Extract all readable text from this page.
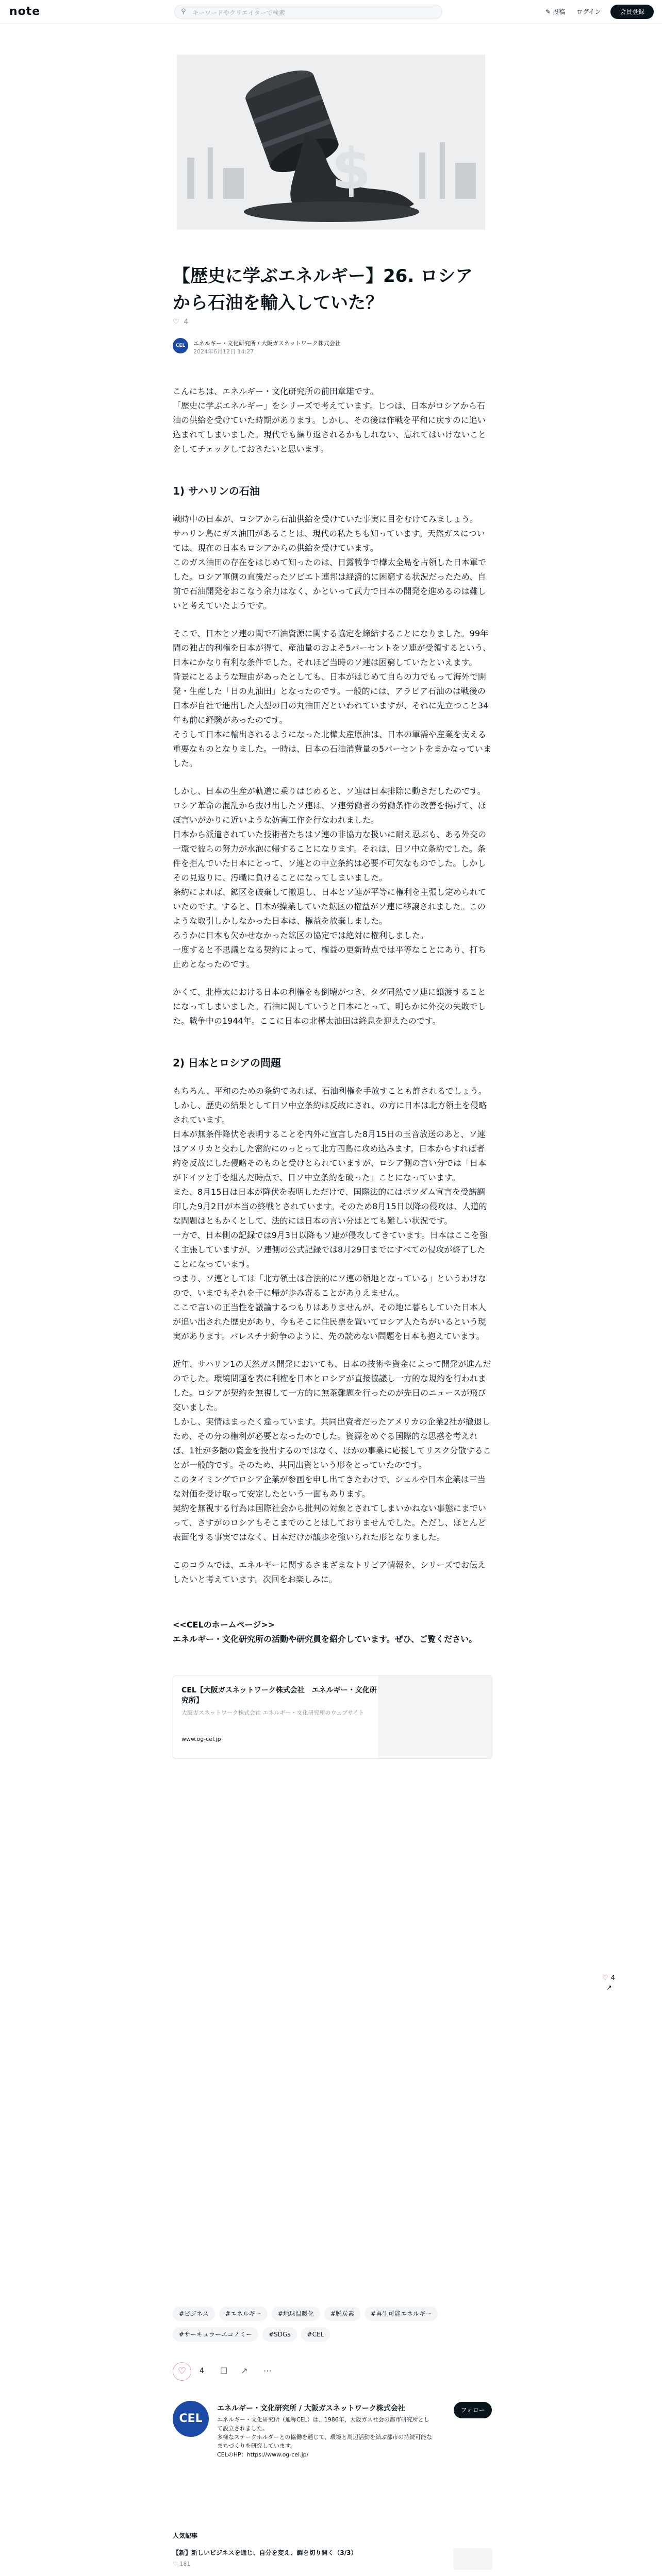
note	⚲ キーワードやクリエイターで検索	✎ 投稿 ログイン	会員登録
$
【歴史に学ぶエネルギー】26. ロシアから石油を輸入していた？
♡ 4
CEL	エネルギー・文化研究所 / 大阪ガスネットワーク株式会社
2024年6月12日 14:27

こんにちは、エネルギー・文化研究所の前田章雄です。
「歴史に学ぶエネルギー」をシリーズで考えています。じつは、日本がロシアから石油の供給を受けていた時期があります。しかし、その後は作戦を平和に戻すのに追い込まれてしまいました。現代でも繰り返されるかもしれない、忘れてはいけないことをしてチェックしておきたいと思います。

1) サハリンの石油

戦時中の日本が、ロシアから石油供給を受けていた事実に目をむけてみましょう。
サハリン島にガス油田があることは、現代の私たちも知っています。天然ガスについては、現在の日本もロシアからの供給を受けています。
このガス油田の存在をはじめて知ったのは、日露戦争で樺太全島を占領した日本軍でした。ロシア軍側の直後だったソビエト連邦は経済的に困窮する状況だったため、自前で石油開発をおこなう余力はなく、かといって武力で日本の開発を進めるのは難しいと考えていたようです。

そこで、日本とソ連の間で石油資源に関する協定を締結することになりました。99年間の独占的利権を日本が得て、産油量のおよそ5パーセントをソ連が受領するという、日本にかなり有利な条件でした。それほど当時のソ連は困窮していたといえます。
背景にとるような理由があったとしても、日本がはじめて自らの力でもって海外で開発・生産した「日の丸油田」となったのです。一般的には、アラビア石油のは戦後の日本が自社で進出した大型の日の丸油田だといわれていますが、それに先立つこと34年も前に経験があったのです。
そうして日本に輸出されるようになった北樺太産原油は、日本の軍需や産業を支える重要なものとなりました。一時は、日本の石油消費量の5パーセントをまかなっていました。

しかし、日本の生産が軌道に乗りはじめると、ソ連は日本排除に動きだしたのです。ロシア革命の混乱から抜け出したソ連は、ソ連労働者の労働条件の改善を掲げて、ほぼ言いがかりに近いような妨害工作を行なわれました。
日本から派遣されていた技術者たちはソ連の非協力な扱いに耐え忍ぶも、ある外交の一環で彼らの努力が水泡に帰することになります。それは、日ソ中立条約でした。条件を拒んでいた日本にとって、ソ連との中立条約は必要不可欠なものでした。しかしその見返りに、汚職に負けることになってしまいました。
条約によれば、鉱区を破棄して撤退し、日本とソ連が平等に権利を主張し定められていたのです。すると、日本が操業していた鉱区の権益がソ連に移譲されました。このような取引しかしなかった日本は、権益を放棄しました。
ろうかに日本も欠かせなかった鉱区の協定では絶対に権利しました。
一度すると不思議となる契約によって、権益の更新時点では平等なことにあり、打ち止めとなったのです。

かくて、北樺太における日本の利権をも倒壊がつき、タダ同然でソ連に譲渡することになってしまいました。石油に関していうと日本にとって、明らかに外交の失敗でした。戦争中の1944年。ここに日本の北樺太油田は終息を迎えたのです。

2) 日本とロシアの問題

もちろん、平和のための条約であれば、石油利権を手放すことも許されるでしょう。しかし、歴史の結果として日ソ中立条約は反故にされ、の方に日本は北方領土を侵略されています。
日本が無条件降伏を表明することを内外に宣言した8月15日の玉音放送のあと、ソ連はアメリカと交わした密約にのっとって北方四島に攻め込みます。日本からすれば者約を反故にした侵略そのものと受けとられていますが、ロシア側の言い分では「日本がドイツと手を組んだ時点で、日ソ中立条約を破った」ことになっています。
また、8月15日は日本が降伏を表明しただけで、国際法的にはポツダム宣言を受諾調印した9月2日が本当の終戦とされています。そのため8月15日以降の侵攻は、人道的な問題はともかくとして、法的には日本の言い分はとても難しい状況です。
一方で、日本側の記録では9月3日以降もソ連が侵攻してきています。日本はここを強く主張していますが、ソ連側の公式記録では8月29日までにすべての侵攻が終了したことになっています。
つまり、ソ連としては「北方領土は合法的にソ連の領地となっている」というわけなので、いまでもそれを千に帰が歩み寄ることがありえません。
ここで言いの正当性を議論するつもりはありませんが、その地に暮らしていた日本人が追い出された歴史があり、今もそこに住民票を置いてロシア人たちがいるという現実があります。パレスチナ紛争のように、先の読めない問題を日本も抱えています。

近年、サハリン1の天然ガス開発においても、日本の技術や資金によって開発が進んだのでした。環境問題を表に利権を日本とロシアが直接協議し一方的な規約を行われました。ロシアが契約を無視して一方的に無茶難題を行ったのが先日のニュースが飛び交いました。
しかし、実情はまったく違っています。共同出資者だったアメリカの企業2社が撤退しため、その分の権利が必要となったのでした。資源をめぐる国際的な思惑を考えれば、1社が多額の資金を投出するのではなく、ほかの事業に応援してリスク分散することが一般的です。そのため、共同出資という形をとっていたのです。
このタイミングでロシア企業が参画を申し出てきたわけで、シェルや日本企業は三当な対価を受け取って安定したという一面もあります。
契約を無視する行為は国際社会から批判の対象とされてしまいかねない事態にまでいって、さすがのロシアもそこまでのことはしておりませんでした。ただし、ほとんど表面化する事実ではなく、日本だけが譲歩を強いられた形となりました。

このコラムでは、エネルギーに関するさまざまなトリビア情報を、シリーズでお伝えしたいと考えています。次回をお楽しみに。

<<CELのホームページ>>
エネルギー・文化研究所の活動や研究員を紹介しています。ぜひ、ご覧ください。

CEL【大阪ガスネットワーク株式会社　エネルギー・文化研究所】
大阪ガスネットワーク株式会社 エネルギー・文化研究所のウェブサイト
www.og-cel.jp
#ビジネス	#エネルギー	#地球温暖化	#脱炭素	#再生可能エネルギー#サーキュラーエコノミー	#SDGs	#CEL
♡	4 ☐ ↗ ⋯
CEL
エネルギー・文化研究所 / 大阪ガスネットワーク株式会社
エネルギー・文化研究所（通称CEL）は、1986年、大阪ガス社会の都市研究所として設立されました。
多様なステークホルダーとの協働を通じて、環境と周辺活動を結ぶ都市の持続可能なまちづくりを研究しています。
CELのHP：https://www.og-cel.jp/
フォロー
人気記事
【新】新しいビジネスを通じ、自分を変え、調を切り開く（3/3）
♡ 181
♡ 4 ↗
